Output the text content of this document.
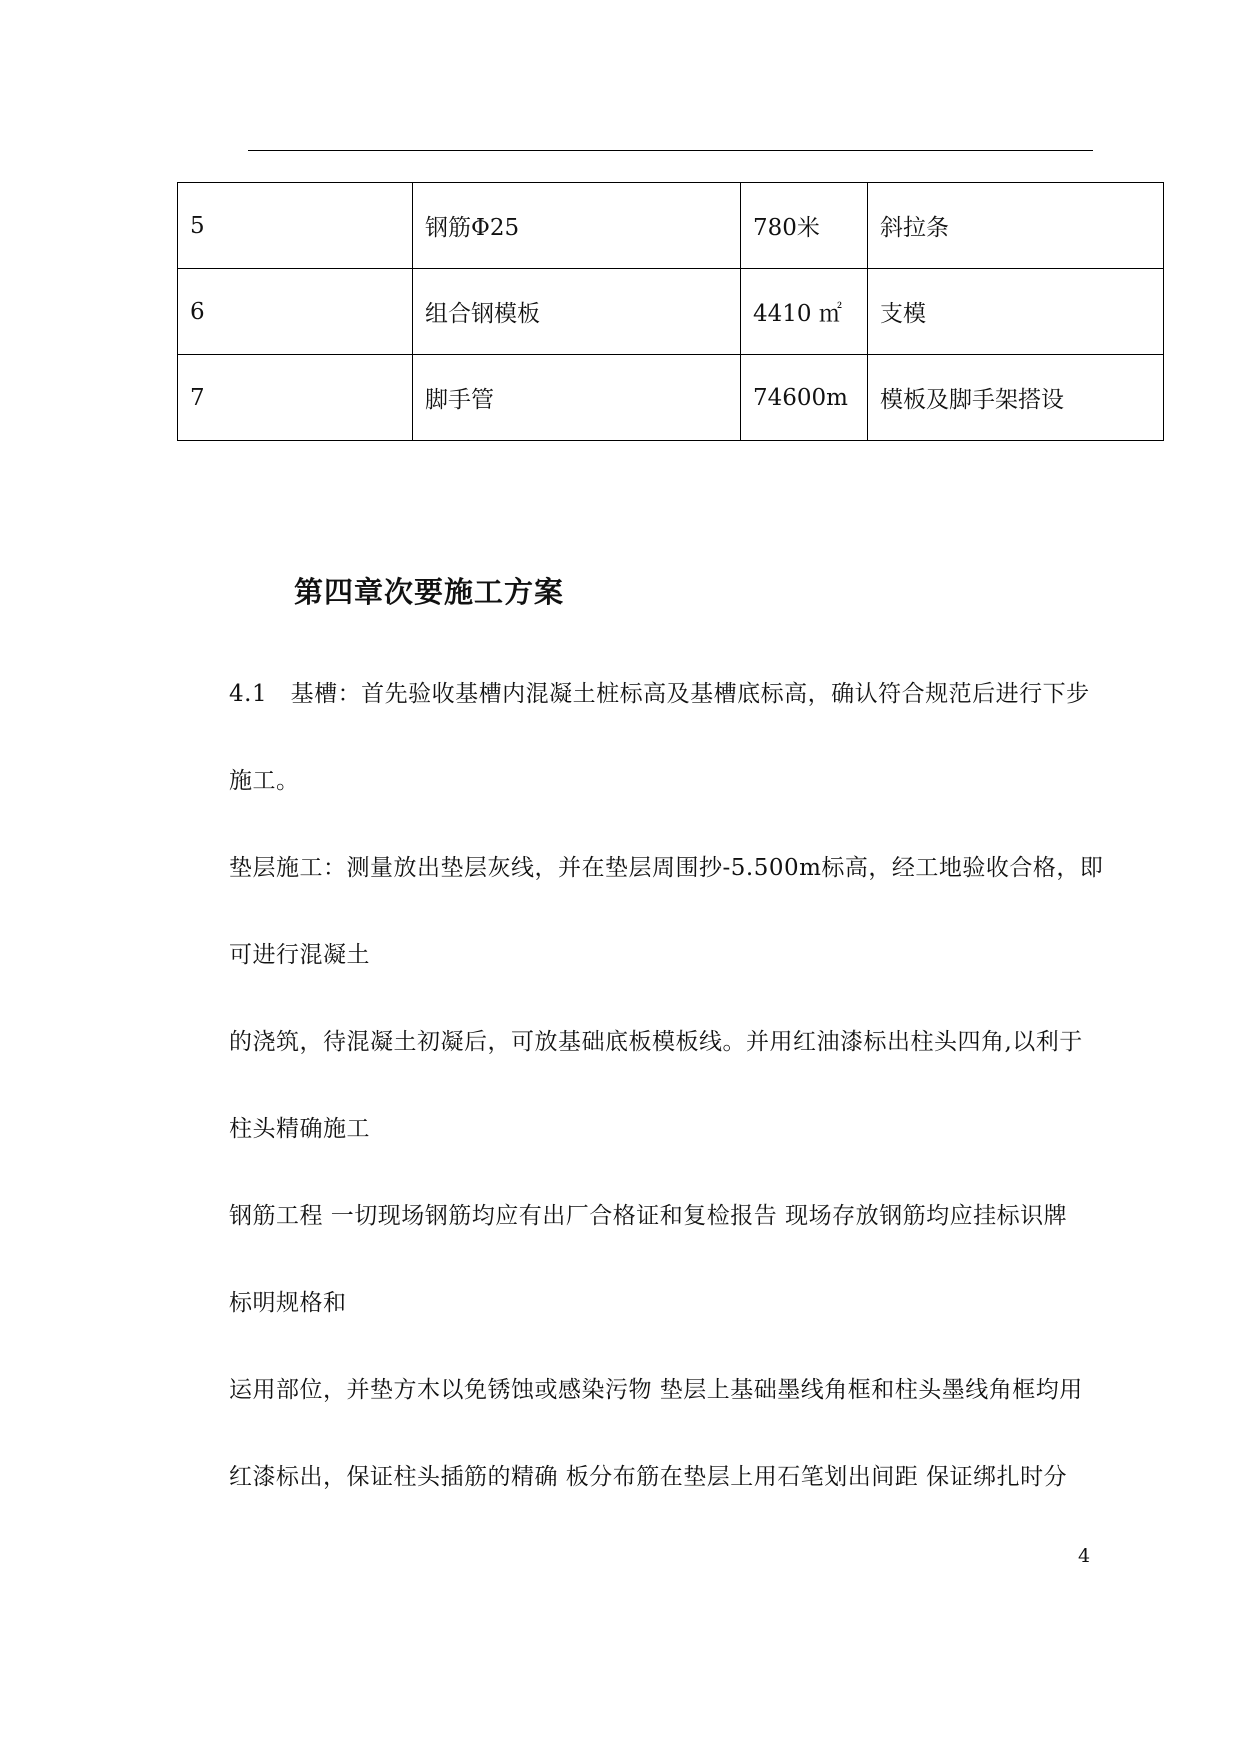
5	钢筋Φ25	780米	斜拉条
6	组合钢模板	4410 ㎡	支模
7	脚手管	74600m	模板及脚手架搭设
第四章次要施工方案
4.1　基槽：首先验收基槽内混凝土桩标高及基槽底标高，确认符合规范后进行下步
施工。
垫层施工：测量放出垫层灰线，并在垫层周围抄-5.500m标高，经工地验收合格，即
可进行混凝土
的浇筑，待混凝土初凝后，可放基础底板模板线。并用红油漆标出柱头四角,以利于
柱头精确施工
钢筋工程 一切现场钢筋均应有出厂合格证和复检报告 现场存放钢筋均应挂标识牌
标明规格和
运用部位，并垫方木以免锈蚀或感染污物 垫层上基础墨线角框和柱头墨线角框均用
红漆标出，保证柱头插筋的精确 板分布筋在垫层上用石笔划出间距 保证绑扎时分
4
